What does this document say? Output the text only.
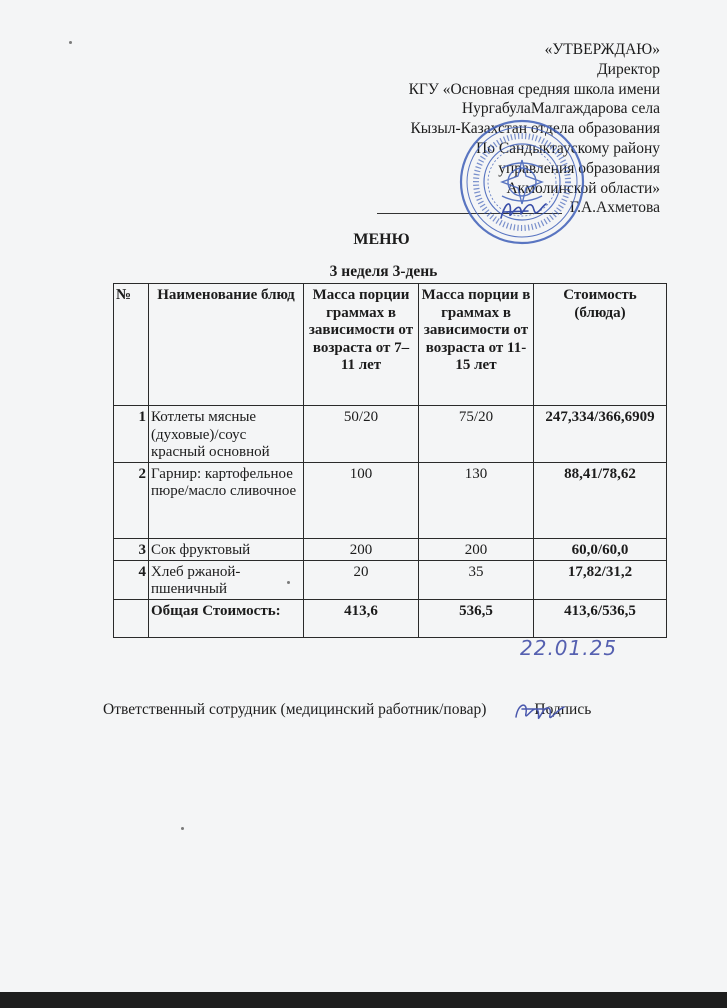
«УТВЕРЖДАЮ»
Директор
КГУ «Основная средняя школа имени
НургабулаМалгаждарова села
Кызыл-Казахстан отдела образования
По Сандыктаускому району
управления образования
Акмолинской области»
Г.А.Ахметова
МЕНЮ
3 неделя 3-день
№	Наименование блюд	Масса порции граммах в зависимости от возраста от 7–11 лет	Масса порции в граммах в зависимости от возраста от 11-15 лет	Стоимость (блюда)
1	Котлеты мясные (духовые)/соус красный основной	50/20	75/20	247,334/366,6909
2	Гарнир: картофельное пюре/масло сливочное	100	130	88,41/78,62
3	Сок фруктовый	200	200	60,0/60,0
4	Хлеб ржаной-пшеничный	20	35	17,82/31,2
	Общая Стоимость:	413,6	536,5	413,6/536,5
22.01.25
Ответственный сотрудник (медицинский работник/повар)	Подпись
